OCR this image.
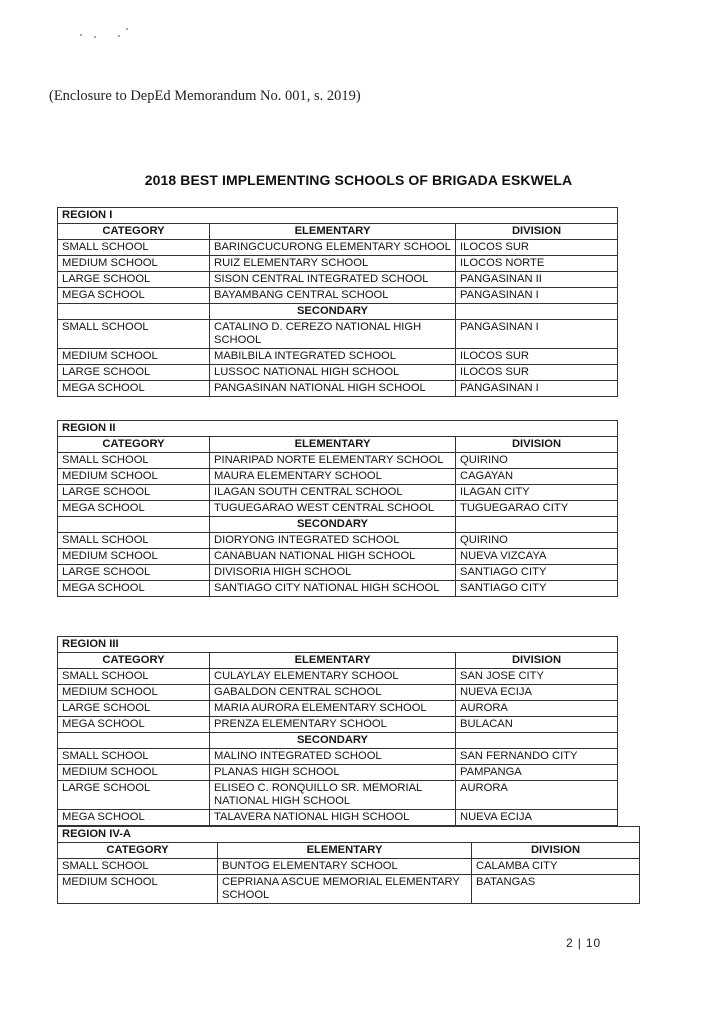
(Enclosure to DepEd Memorandum No. 001, s. 2019)
2018 BEST IMPLEMENTING SCHOOLS OF BRIGADA ESKWELA
REGION I		
CATEGORY	ELEMENTARY	DIVISION
SMALL SCHOOL	BARINGCUCURONG ELEMENTARY SCHOOL	ILOCOS SUR
MEDIUM SCHOOL	RUIZ ELEMENTARY SCHOOL	ILOCOS NORTE
LARGE SCHOOL	SISON CENTRAL INTEGRATED SCHOOL	PANGASINAN II
MEGA SCHOOL	BAYAMBANG CENTRAL SCHOOL	PANGASINAN I
	SECONDARY	
SMALL SCHOOL	CATALINO D. CEREZO NATIONAL HIGH SCHOOL	PANGASINAN I
MEDIUM SCHOOL	MABILBILA INTEGRATED SCHOOL	ILOCOS SUR
LARGE SCHOOL	LUSSOC NATIONAL HIGH SCHOOL	ILOCOS SUR
MEGA SCHOOL	PANGASINAN NATIONAL HIGH SCHOOL	PANGASINAN I
REGION II		
CATEGORY	ELEMENTARY	DIVISION
SMALL SCHOOL	PINARIPAD NORTE ELEMENTARY SCHOOL	QUIRINO
MEDIUM SCHOOL	MAURA ELEMENTARY SCHOOL	CAGAYAN
LARGE SCHOOL	ILAGAN SOUTH CENTRAL SCHOOL	ILAGAN CITY
MEGA SCHOOL	TUGUEGARAO WEST CENTRAL SCHOOL	TUGUEGARAO CITY
	SECONDARY	
SMALL SCHOOL	DIORYONG INTEGRATED SCHOOL	QUIRINO
MEDIUM SCHOOL	CANABUAN NATIONAL HIGH SCHOOL	NUEVA VIZCAYA
LARGE SCHOOL	DIVISORIA HIGH SCHOOL	SANTIAGO CITY
MEGA SCHOOL	SANTIAGO CITY NATIONAL HIGH SCHOOL	SANTIAGO CITY
REGION III		
CATEGORY	ELEMENTARY	DIVISION
SMALL SCHOOL	CULAYLAY ELEMENTARY SCHOOL	SAN JOSE CITY
MEDIUM SCHOOL	GABALDON CENTRAL SCHOOL	NUEVA ECIJA
LARGE SCHOOL	MARIA AURORA ELEMENTARY SCHOOL	AURORA
MEGA SCHOOL	PRENZA ELEMENTARY SCHOOL	BULACAN
	SECONDARY	
SMALL SCHOOL	MALINO INTEGRATED SCHOOL	SAN FERNANDO CITY
MEDIUM SCHOOL	PLANAS HIGH SCHOOL	PAMPANGA
LARGE SCHOOL	ELISEO C. RONQUILLO SR. MEMORIAL NATIONAL HIGH SCHOOL	AURORA
MEGA SCHOOL	TALAVERA NATIONAL HIGH SCHOOL	NUEVA ECIJA
REGION IV-A		
CATEGORY	ELEMENTARY	DIVISION
SMALL SCHOOL	BUNTOG ELEMENTARY SCHOOL	CALAMBA CITY
MEDIUM SCHOOL	CEPRIANA ASCUE MEMORIAL ELEMENTARY SCHOOL	BATANGAS
2 | 10
